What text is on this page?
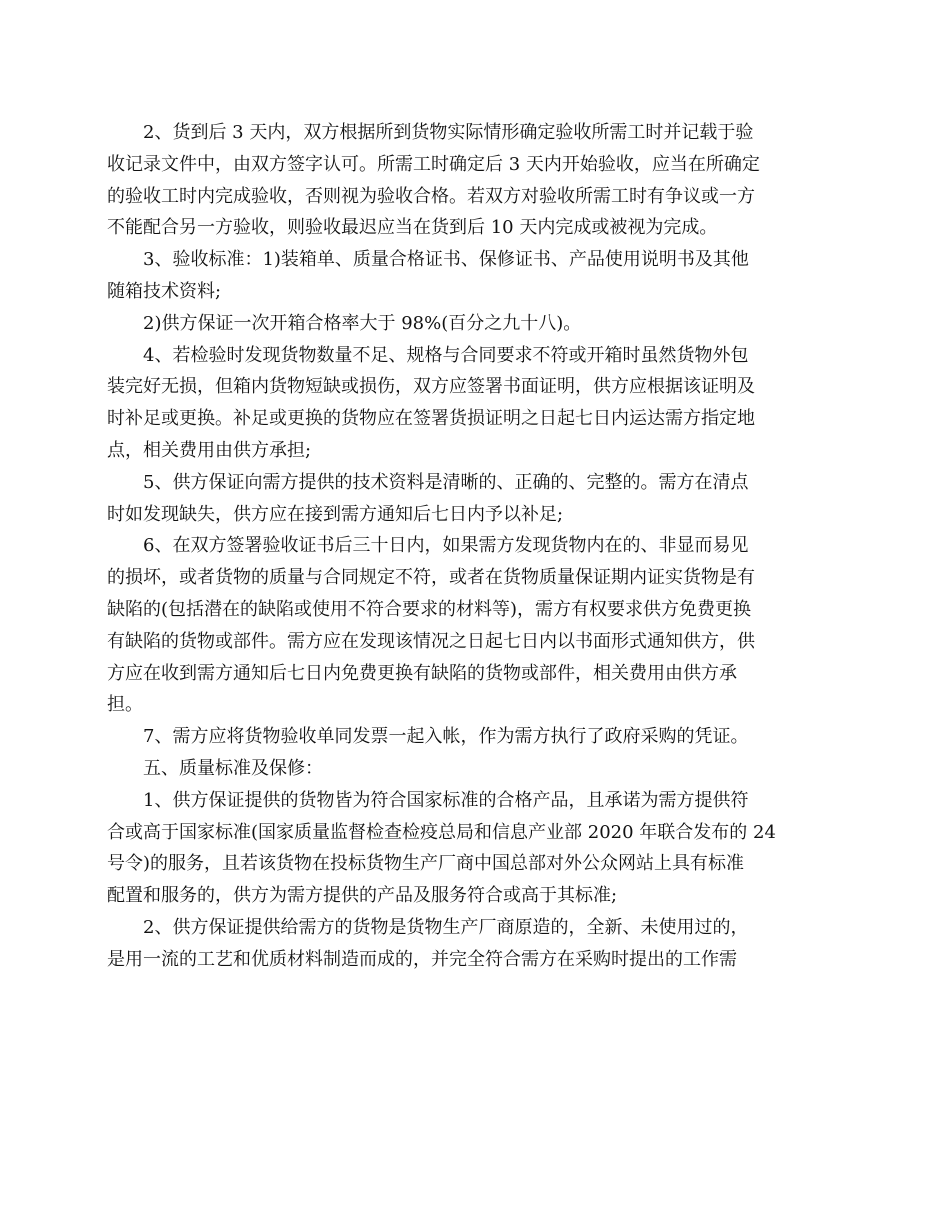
2、货到后 3 天内，双方根据所到货物实际情形确定验收所需工时并记载于验
收记录文件中，由双方签字认可。所需工时确定后 3 天内开始验收，应当在所确定
的验收工时内完成验收，否则视为验收合格。若双方对验收所需工时有争议或一方
不能配合另一方验收，则验收最迟应当在货到后 10 天内完成或被视为完成。

3、验收标准：1)装箱单、质量合格证书、保修证书、产品使用说明书及其他
随箱技术资料;

2)供方保证一次开箱合格率大于 98%(百分之九十八)。

4、若检验时发现货物数量不足、规格与合同要求不符或开箱时虽然货物外包
装完好无损，但箱内货物短缺或损伤，双方应签署书面证明，供方应根据该证明及
时补足或更换。补足或更换的货物应在签署货损证明之日起七日内运达需方指定地
点，相关费用由供方承担;

5、供方保证向需方提供的技术资料是清晰的、正确的、完整的。需方在清点
时如发现缺失，供方应在接到需方通知后七日内予以补足;

6、在双方签署验收证书后三十日内，如果需方发现货物内在的、非显而易见
的损坏，或者货物的质量与合同规定不符，或者在货物质量保证期内证实货物是有
缺陷的(包括潜在的缺陷或使用不符合要求的材料等)，需方有权要求供方免费更换
有缺陷的货物或部件。需方应在发现该情况之日起七日内以书面形式通知供方，供
方应在收到需方通知后七日内免费更换有缺陷的货物或部件，相关费用由供方承
担。

7、需方应将货物验收单同发票一起入帐，作为需方执行了政府采购的凭证。

五、质量标准及保修：

1、供方保证提供的货物皆为符合国家标准的合格产品，且承诺为需方提供符
合或高于国家标准(国家质量监督检查检疫总局和信息产业部 2020 年联合发布的 24
号令)的服务，且若该货物在投标货物生产厂商中国总部对外公众网站上具有标准
配置和服务的，供方为需方提供的产品及服务符合或高于其标准;

2、供方保证提供给需方的货物是货物生产厂商原造的，全新、未使用过的，
是用一流的工艺和优质材料制造而成的，并完全符合需方在采购时提出的工作需
